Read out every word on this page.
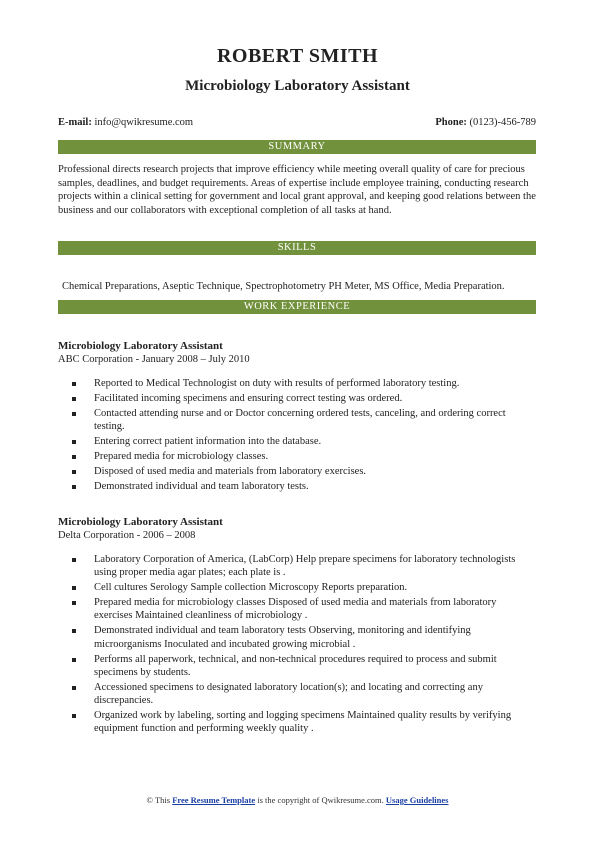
ROBERT SMITH
Microbiology Laboratory Assistant
E-mail: info@qwikresume.com	Phone: (0123)-456-789
SUMMARY
Professional directs research projects that improve efficiency while meeting overall quality of care for precious samples, deadlines, and budget requirements. Areas of expertise include employee training, conducting research projects within a clinical setting for government and local grant approval, and keeping good relations between the business and our collaborators with exceptional completion of all tasks at hand.
SKILLS
Chemical Preparations, Aseptic Technique, Spectrophotometry PH Meter, MS Office, Media Preparation.
WORK EXPERIENCE
Microbiology Laboratory Assistant
ABC Corporation - January 2008 – July 2010
Reported to Medical Technologist on duty with results of performed laboratory testing.
Facilitated incoming specimens and ensuring correct testing was ordered.
Contacted attending nurse and or Doctor concerning ordered tests, canceling, and ordering correct testing.
Entering correct patient information into the database.
Prepared media for microbiology classes.
Disposed of used media and materials from laboratory exercises.
Demonstrated individual and team laboratory tests.
Microbiology Laboratory Assistant
Delta Corporation - 2006 – 2008
Laboratory Corporation of America, (LabCorp) Help prepare specimens for laboratory technologists using proper media agar plates; each plate is .
Cell cultures Serology Sample collection Microscopy Reports preparation.
Prepared media for microbiology classes Disposed of used media and materials from laboratory exercises Maintained cleanliness of microbiology .
Demonstrated individual and team laboratory tests Observing, monitoring and identifying microorganisms Inoculated and incubated growing microbial .
Performs all paperwork, technical, and non-technical procedures required to process and submit specimens by students.
Accessioned specimens to designated laboratory location(s); and locating and correcting any discrepancies.
Organized work by labeling, sorting and logging specimens Maintained quality results by verifying equipment function and performing weekly quality .
© This Free Resume Template is the copyright of Qwikresume.com. Usage Guidelines
